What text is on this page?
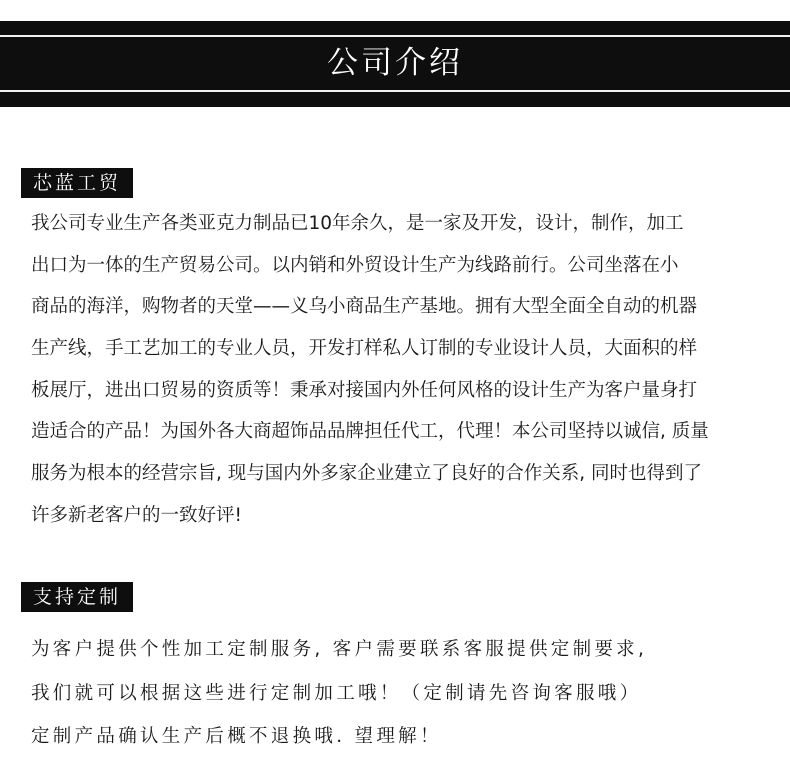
公司介绍
芯蓝工贸
我公司专业生产各类亚克力制品已10年余久，是一家及开发，设计，制作，加工
出口为一体的生产贸易公司。以内销和外贸设计生产为线路前行。公司坐落在小
商品的海洋，购物者的天堂——义乌小商品生产基地。拥有大型全面全自动的机器
生产线，手工艺加工的专业人员，开发打样私人订制的专业设计人员，大面积的样
板展厅，进出口贸易的资质等！秉承对接国内外任何风格的设计生产为客户量身打
造适合的产品！为国外各大商超饰品品牌担任代工，代理！本公司坚持以诚信, 质量
服务为根本的经营宗旨, 现与国内外多家企业建立了良好的合作关系, 同时也得到了
许多新老客户的一致好评!
支持定制
为客户提供个性加工定制服务, 客户需要联系客服提供定制要求,
我们就可以根据这些进行定制加工哦！（定制请先咨询客服哦）
定制产品确认生产后概不退换哦. 望理解！
